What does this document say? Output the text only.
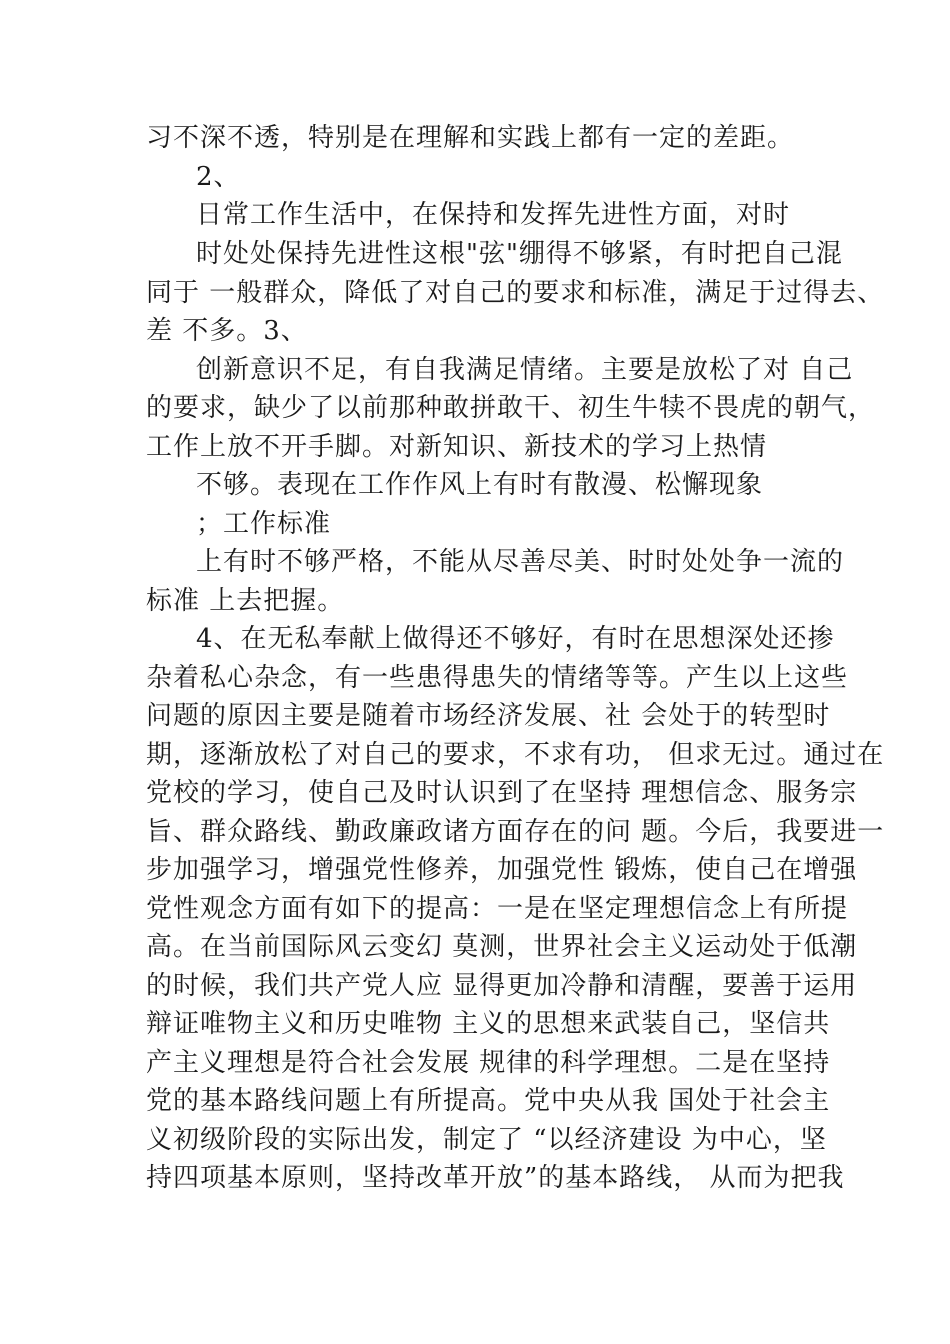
习不深不透，特别是在理解和实践上都有一定的差距。
2、
日常工作生活中，在保持和发挥先进性方面，对时
时处处保持先进性这根"弦"绷得不够紧，有时把自己混
同于 一般群众，降低了对自己的要求和标准，满足于过得去、
差 不多。3、
创新意识不足，有自我满足情绪。主要是放松了对 自己
的要求，缺少了以前那种敢拼敢干、初生牛犊不畏虎的朝气，
工作上放不开手脚。对新知识、新技术的学习上热情
不够。表现在工作作风上有时有散漫、松懈现象
；工作标准
上有时不够严格，不能从尽善尽美、时时处处争一流的
标准 上去把握。
4、在无私奉献上做得还不够好，有时在思想深处还掺
杂着私心杂念，有一些患得患失的情绪等等。产生以上这些
问题的原因主要是随着市场经济发展、社 会处于的转型时
期，逐渐放松了对自己的要求，不求有功， 但求无过。通过在
党校的学习，使自己及时认识到了在坚持 理想信念、服务宗
旨、群众路线、勤政廉政诸方面存在的问 题。今后，我要进一
步加强学习，增强党性修养，加强党性 锻炼，使自己在增强
党性观念方面有如下的提高：一是在坚定理想信念上有所提
高。在当前国际风云变幻 莫测，世界社会主义运动处于低潮
的时候，我们共产党人应 显得更加冷静和清醒，要善于运用
辩证唯物主义和历史唯物 主义的思想来武装自己，坚信共
产主义理想是符合社会发展 规律的科学理想。二是在坚持
党的基本路线问题上有所提高。党中央从我 国处于社会主
义初级阶段的实际出发，制定了 “以经济建设 为中心，坚
持四项基本原则，坚持改革开放”的基本路线， 从而为把我
